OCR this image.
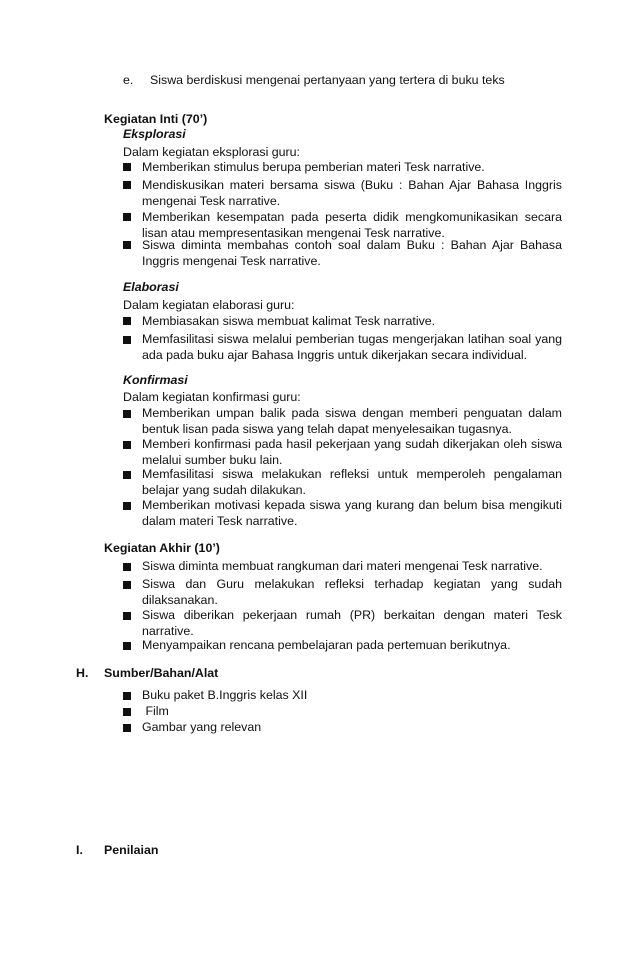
e. Siswa berdiskusi mengenai pertanyaan yang tertera di buku teks
Kegiatan Inti (70’)
Eksplorasi
Dalam kegiatan eksplorasi guru:
Memberikan stimulus berupa pemberian materi Tesk narrative.
Mendiskusikan materi bersama siswa (Buku : Bahan Ajar Bahasa Inggris mengenai Tesk narrative.
Memberikan kesempatan pada peserta didik mengkomunikasikan secara lisan atau mempresentasikan mengenai Tesk narrative.
Siswa diminta membahas contoh soal dalam Buku : Bahan Ajar Bahasa Inggris mengenai Tesk narrative.
Elaborasi
Dalam kegiatan elaborasi guru:
Membiasakan siswa membuat kalimat Tesk narrative.
Memfasilitasi siswa melalui pemberian tugas mengerjakan latihan soal yang ada pada buku ajar Bahasa Inggris untuk dikerjakan secara individual.
Konfirmasi
Dalam kegiatan konfirmasi guru:
Memberikan umpan balik pada siswa dengan memberi penguatan dalam bentuk lisan pada siswa yang telah dapat menyelesaikan tugasnya.
Memberi konfirmasi pada hasil pekerjaan yang sudah dikerjakan oleh siswa melalui sumber buku lain.
Memfasilitasi siswa melakukan refleksi untuk memperoleh pengalaman belajar yang sudah dilakukan.
Memberikan motivasi kepada siswa yang kurang dan belum bisa mengikuti dalam materi Tesk narrative.
Kegiatan Akhir (10’)
Siswa diminta membuat rangkuman dari materi mengenai Tesk narrative.
Siswa dan Guru melakukan refleksi terhadap kegiatan yang sudah dilaksanakan.
Siswa diberikan pekerjaan rumah (PR) berkaitan dengan materi Tesk narrative.
Menyampaikan rencana pembelajaran pada pertemuan berikutnya.
H. Sumber/Bahan/Alat
Buku paket B.Inggris kelas XII
Film
Gambar yang relevan
I. Penilaian
